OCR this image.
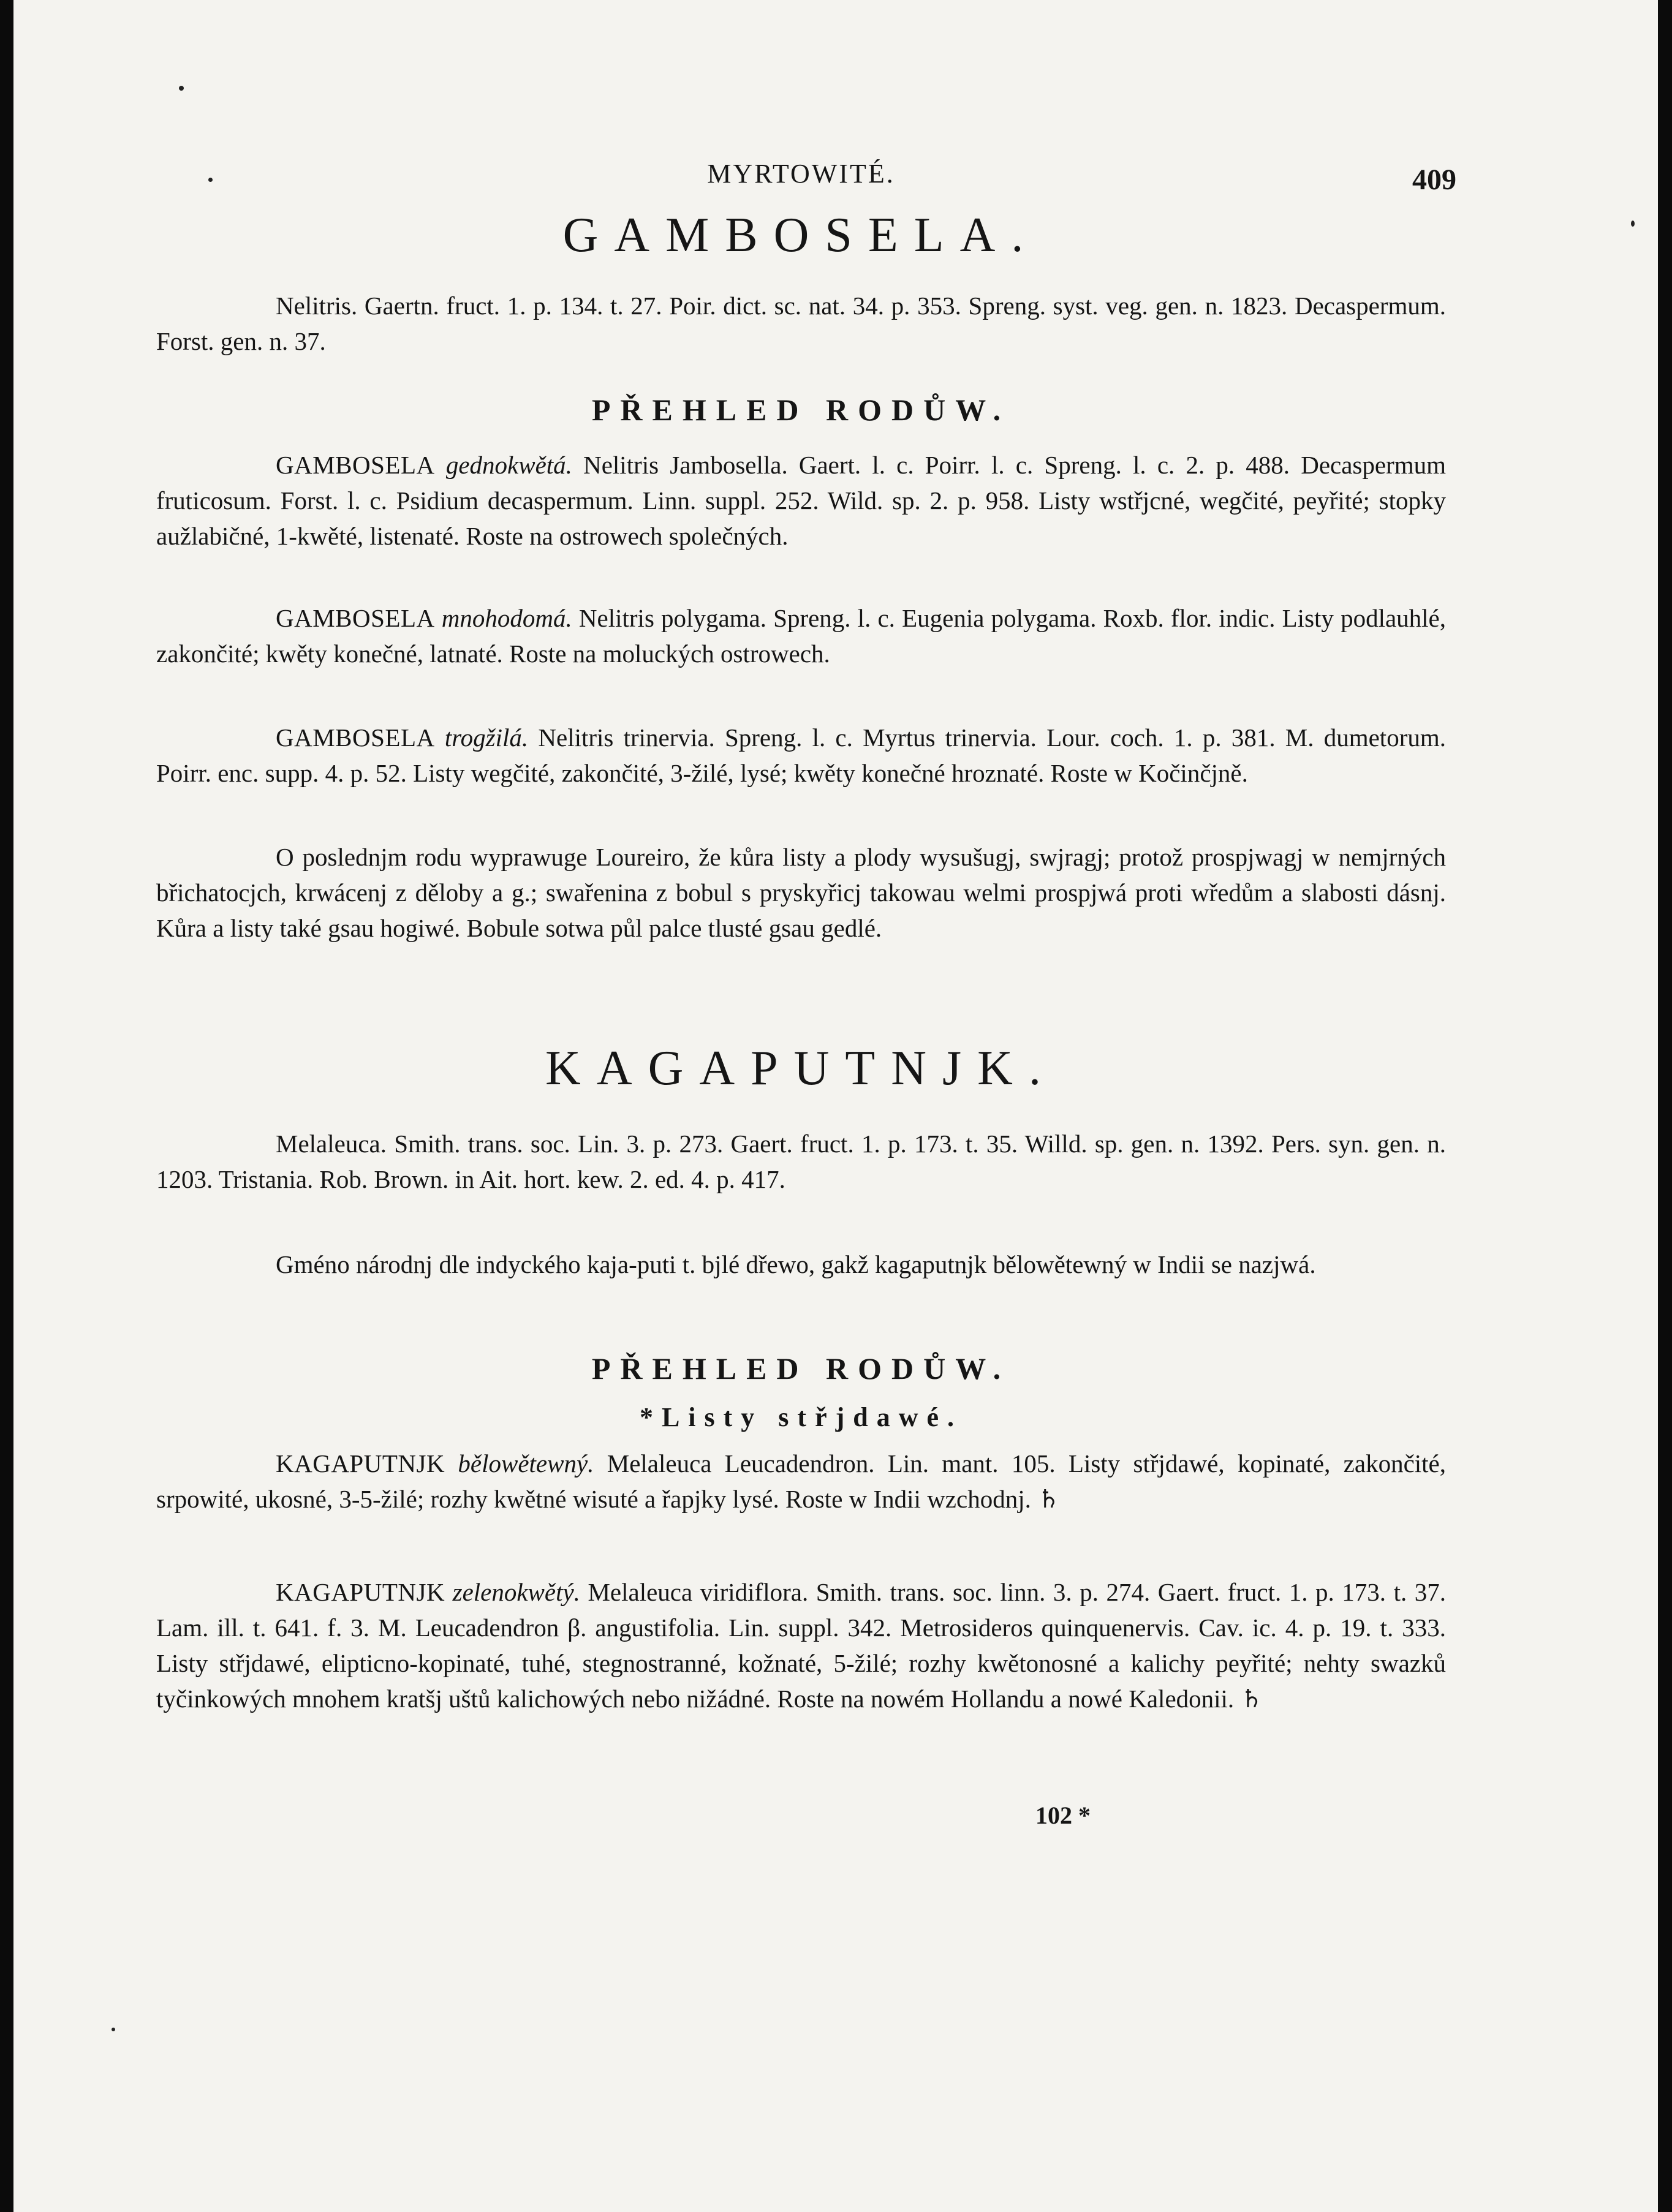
MYRTOWITÉ.	409
GAMBOSELA.

Nelitris. Gaertn. fruct. 1. p. 134. t. 27. Poir. dict. sc. nat. 34. p. 353. Spreng. syst. veg. gen. n. 1823. Decaspermum. Forst. gen. n. 37.

PŘEHLED RODŮW.

GAMBOSELA gednokwětá. Nelitris Jambosella. Gaert. l. c. Poirr. l. c. Spreng. l. c. 2. p. 488. Decaspermum fruticosum. Forst. l. c. Psidium decaspermum. Linn. suppl. 252. Wild. sp. 2. p. 958. Listy wstřjcné, wegčité, peyřité; stopky aužlabičné, 1-kwěté, listenaté. Roste na ostrowech společných.

GAMBOSELA mnohodomá. Nelitris polygama. Spreng. l. c. Eugenia polygama. Roxb. flor. indic. Listy podlauhlé, zakončité; kwěty konečné, latnaté. Roste na moluckých ostrowech.

GAMBOSELA trogžilá. Nelitris trinervia. Spreng. l. c. Myrtus trinervia. Lour. coch. 1. p. 381. M. dumetorum. Poirr. enc. supp. 4. p. 52. Listy wegčité, zakončité, 3-žilé, lysé; kwěty konečné hroznaté. Roste w Kočinčjně.

O poslednjm rodu wyprawuge Loureiro, že kůra listy a plody wysušugj, swjragj; protož prospjwagj w nemjrných břichatocjch, krwácenj z děloby a g.; swařenina z bobul s pryskyřicj takowau welmi prospjwá proti wředům a slabosti dásnj. Kůra a listy také gsau hogiwé. Bobule sotwa půl palce tlusté gsau gedlé.

KAGAPUTNJK.

Melaleuca. Smith. trans. soc. Lin. 3. p. 273. Gaert. fruct. 1. p. 173. t. 35. Willd. sp. gen. n. 1392. Pers. syn. gen. n. 1203. Tristania. Rob. Brown. in Ait. hort. kew. 2. ed. 4. p. 417.

Gméno národnj dle indyckého kaja-puti t. bjlé dřewo, gakž kagaputnjk bělowětewný w Indii se nazjwá.

PŘEHLED RODŮW.
*Listy střjdawé.

KAGAPUTNJK bělowětewný. Melaleuca Leucadendron. Lin. mant. 105. Listy střjdawé, kopinaté, zakončité, srpowité, ukosné, 3-5-žilé; rozhy kwětné wisuté a řapjky lysé. Roste w Indii wzchodnj. ♄

KAGAPUTNJK zelenokwětý. Melaleuca viridiflora. Smith. trans. soc. linn. 3. p. 274. Gaert. fruct. 1. p. 173. t. 37. Lam. ill. t. 641. f. 3. M. Leucadendron β. angustifolia. Lin. suppl. 342. Metrosideros quinquenervis. Cav. ic. 4. p. 19. t. 333. Listy střjdawé, elipticno-kopinaté, tuhé, stegnostranné, kožnaté, 5-žilé; rozhy kwětonosné a kalichy peyřité; nehty swazků tyčinkowých mnohem kratšj uštů kalichowých nebo nižádné. Roste na nowém Hollandu a nowé Kaledonii. ♄

102 *
